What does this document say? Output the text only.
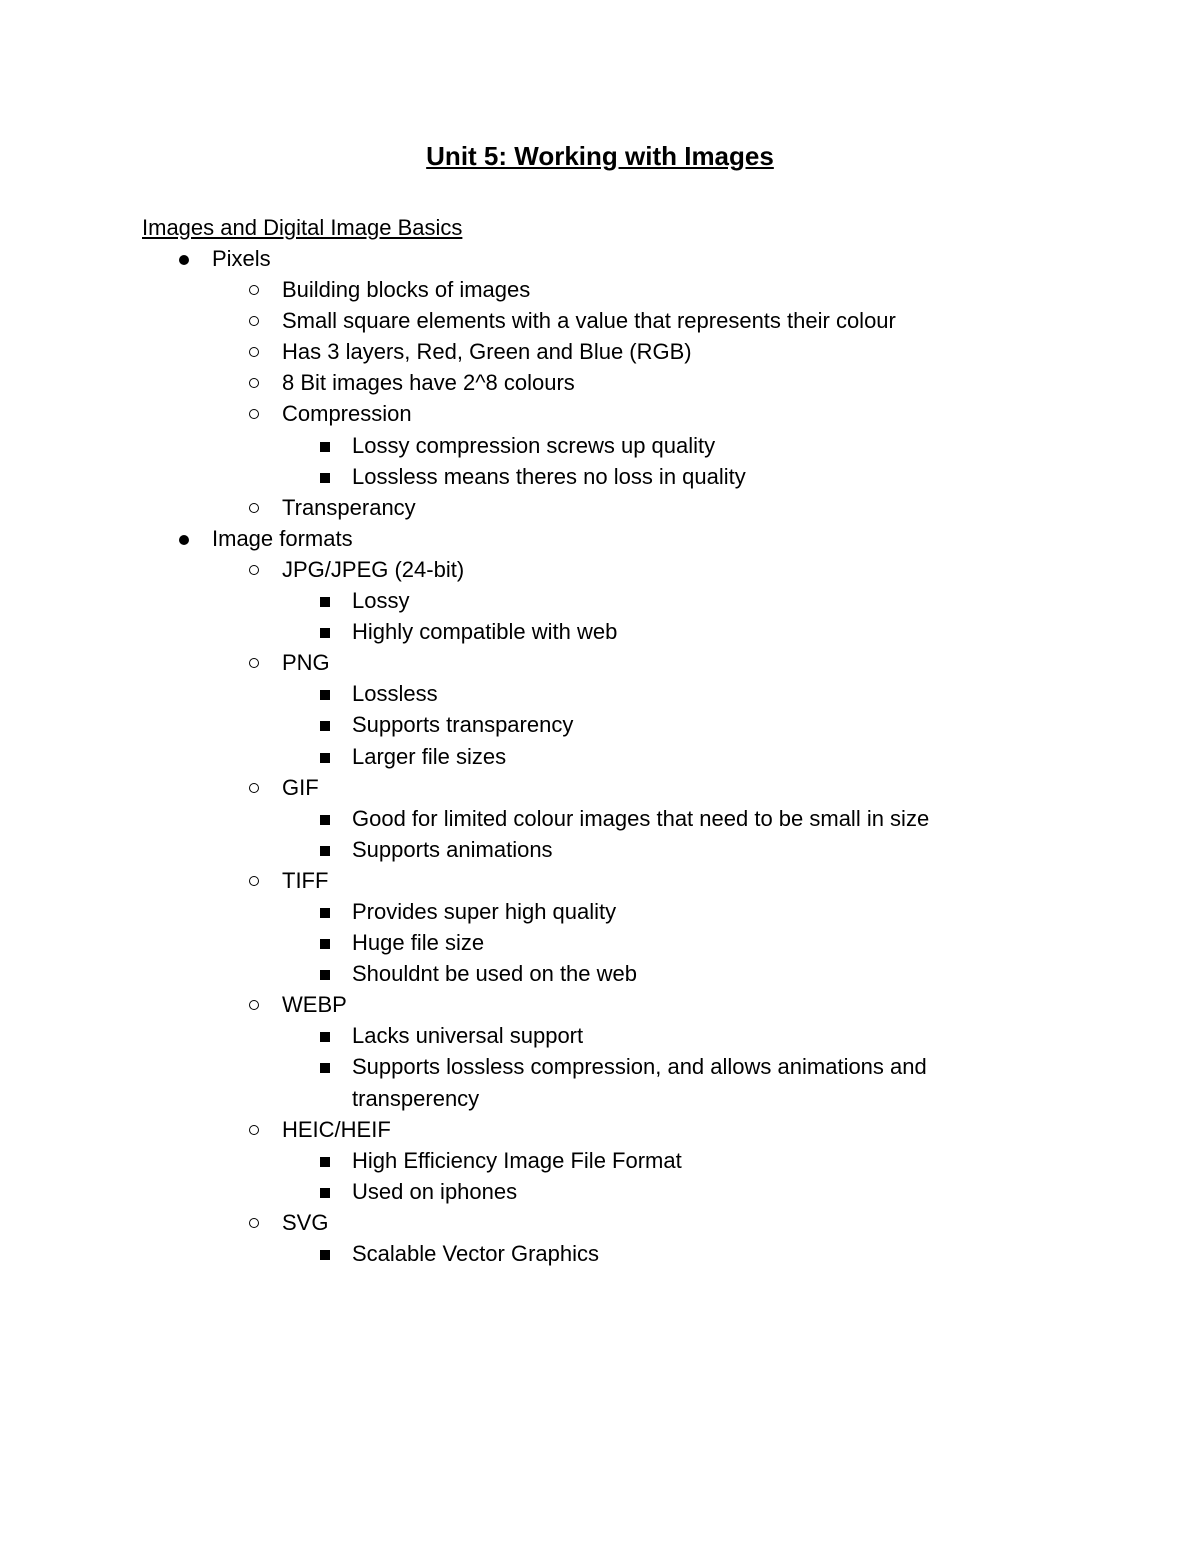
Unit 5: Working with Images
Images and Digital Image Basics
Pixels
Building blocks of images
Small square elements with a value that represents their colour
Has 3 layers, Red, Green and Blue (RGB)
8 Bit images have 2^8 colours
Compression
Lossy compression screws up quality
Lossless means theres no loss in quality
Transperancy
Image formats
JPG/JPEG (24-bit)
Lossy
Highly compatible with web
PNG
Lossless
Supports transparency
Larger file sizes
GIF
Good for limited colour images that need to be small in size
Supports animations
TIFF
Provides super high quality
Huge file size
Shouldnt be used on the web
WEBP
Lacks universal support
Supports lossless compression, and allows animations and transperency
HEIC/HEIF
High Efficiency Image File Format
Used on iphones
SVG
Scalable Vector Graphics
